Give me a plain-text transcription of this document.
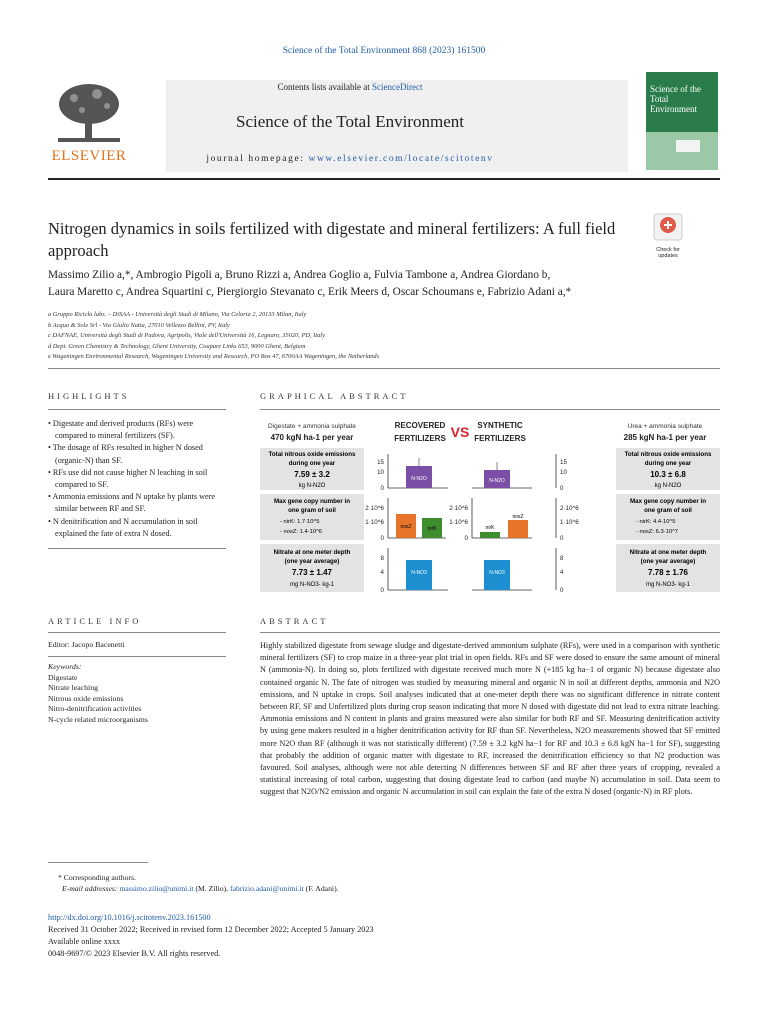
Science of the Total Environment 868 (2023) 161500
ELSEVIER
Contents lists available at ScienceDirect
Science of the Total Environment
journal homepage: www.elsevier.com/locate/scitotenv
Science of the Total Environment
Nitrogen dynamics in soils fertilized with digestate and mineral fertilizers: A full field approach	Check for updates
Massimo Zilio a,*, Ambrogio Pigoli a, Bruno Rizzi a, Andrea Goglio a, Fulvia Tambone a, Andrea Giordano b,
Laura Maretto c, Andrea Squartini c, Piergiorgio Stevanato c, Erik Meers d, Oscar Schoumans e, Fabrizio Adani a,*
a Gruppo Ricicla labs. – DiSAA - Università degli Studi di Milano, Via Celoria 2, 20133 Milan, Italy
b Acqua & Sole Srl - Via Giulio Natta, 27010 Vellezzo Bellini, PV, Italy
c DAFNAE, Università degli Studi di Padova, Agripolis, Viale dell'Università 16, Legnaro, 35020, PD, Italy
d Dept. Green Chemistry & Technology, Ghent University, Coupure Links 653, 9000 Ghent, Belgium
e Wageningen Environmental Research, Wageningen University and Research, PO Box 47, 6700AA Wageningen, the Netherlands
HIGHLIGHTS
• Digestate and derived products (RFs) were compared to mineral fertilizers (SF).
• The dosage of RFs resulted in higher N dosed (organic-N) than SF.
• RFs use did not cause higher N leaching in soil compared to SF.
• Ammonia emissions and N uptake by plants were similar between RF and SF.
• N denitrification and N accumulation in soil explained the fate of extra N dosed.
GRAPHICAL ABSTRACT
Digestate + ammonia sulphate
470 kgN ha-1 per year
RECOVERED
FERTILIZERS VS SYNTHETIC
FERTILIZERS
Urea + ammonia sulphate
285 kgN ha-1 per year
Total nitrous oxide emissions
during one year
7.59 ± 3.2
kg N-N2O
Total nitrous oxide emissions
during one year
10.3 ± 6.8
kg N-N2O
Max gene copy number in
one gram of soil
- nirK: 1.7·10^5
- nosZ: 1.4·10^6
Max gene copy number in
one gram of soil
- nirK: 4.4·10^5
- nosZ: 6.3·10^7
Nitrate at one meter depth
(one year average)
7.73 ± 1.47
mg N-NO3- kg-1
Nitrate at one meter depth
(one year average)
7.78 ± 1.76
mg N-NO3- kg-1
15
10
0
2·10^6
1·10^6
0
8
4
0
2·10^6
1·10^6
0
15
10
0
2·10^6
1·10^6
0
8
4
0
N-N2O	N-N2O
nosZ	nirK	nirK
nosZ
N-NO3	N-NO3
ARTICLE INFO
Editor: Jacopo Bacenetti
Keywords:
Digestate
Nitrate leaching
Nitrous oxide emissions
Nitro-denitrification activities
N-cycle related microorganisms
ABSTRACT
Highly stabilized digestate from sewage sludge and digestate-derived ammonium sulphate (RFs), were used in a comparison with synthetic mineral fertilizers (SF) to crop maize in a three-year plot trial in open fields. RFs and SF were dosed to ensure the same amount of mineral N (ammonia-N). In doing so, plots fertilized with digestate received much more N (+185 kg ha−1 of organic N) because digestate also contained organic N. The fate of nitrogen was studied by measuring mineral and organic N in soil at different depths, ammonia and N2O emissions, and N uptake in crops. Soil analyses indicated that at one-meter depth there was no significant difference in nitrate content between RF, SF and Unfertilized plots during crop season indicating that more N dosed with digestate did not lead to extra nitrate leaching. Ammonia emissions and N content in plants and grains measured were also similar for both RF and SF. Measuring denitrification activity by using gene makers resulted in a higher denitrification activity for RF than SF. Nevertheless, N2O measurements showed that SF emitted more N2O than RF (although it was not statistically different) (7.59 ± 3.2 kgN ha−1 for RF and 10.3 ± 6.8 kgN ha−1 for SF), suggesting that probably the addition of organic matter with digestate to RF, increased the denitrification efficiency so that N2 production was favoured. Soil analyses, although were not able detecting N differences between SF and RF after three years of cropping, revealed a statistical increasing of total carbon, suggesting that dosing digestate lead to carbon (and maybe N) accumulation in soil. Data seem to suggest that N2O/N2 emission and organic N accumulation in soil can explain the fate of the extra N dosed (organic-N) in RF plots.
* Corresponding authors.
E-mail addresses: massimo.zilio@unimi.it (M. Zilio), fabrizio.adani@unimi.it (F. Adani).
http://dx.doi.org/10.1016/j.scitotenv.2023.161500
Received 31 October 2022; Received in revised form 12 December 2022; Accepted 5 January 2023
Available online xxxx
0048-9697/© 2023 Elsevier B.V. All rights reserved.
